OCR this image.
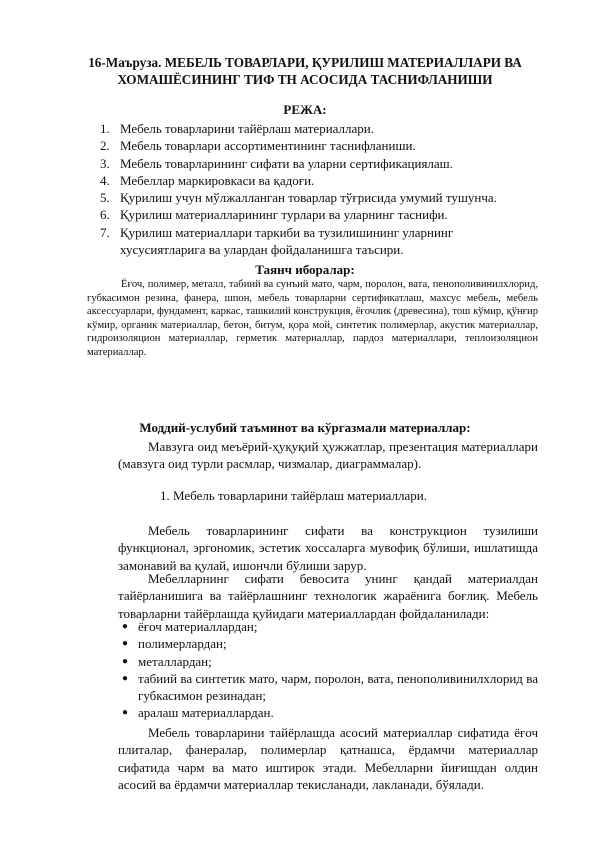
16-Маъруза. МЕБЕЛЬ ТОВАРЛАРИ, ҚУРИЛИШ МАТЕРИАЛЛАРИ ВА
ХОМАШЁСИНИНГ ТИФ ТН АСОСИДА ТАСНИФЛАНИШИ
РЕЖА:
1. Мебель товарларини тайёрлаш материаллари.
2. Мебель товарлари ассортиментининг таснифланиши.
3. Мебель товарларининг сифати ва уларни сертификациялаш.
4. Мебеллар маркировкаси ва қадоғи.
5. Қурилиш учун мўлжалланган товарлар тўғрисида умумий тушунча.
6. Қурилиш материалларининг турлари ва уларнинг таснифи.
7. Қурилиш материаллари таркиби ва тузилишининг уларнинг хусусиятларига ва улардан фойдаланишга таъсири.
Таянч иборалар:

Ёғоч, полимер, металл, табиий ва сунъий мато, чарм, поролон, вата, пенополивинилхлорид, губкасимон резина, фанера, шпон, мебель товарларни сертификатлаш, махсус мебель, мебель аксессуарлари, фундамент, каркас, ташкилий конструкция, ёғочлик (древесина), тош кўмир, қўнғир кўмир, органик материаллар, бетон, битум, қора мой, синтетик полимерлар, акустик материаллар, гидроизоляцион материаллар, герметик материаллар, пардоз материаллари, теплоизоляцион материаллар.

Моддий-услубий таъминот ва кўргазмали материаллар:

Мавзуга оид меъёрий-ҳуқуқий ҳужжатлар, презентация материаллари (мавзуга оид турли расмлар, чизмалар, диаграммалар).

1. Мебель товарларини тайёрлаш материаллари.

Мебель товарларининг сифати ва конструкцион тузилиши функционал, эргономик, эстетик хоссаларга мувофиқ бўлиши, ишлатишда замонавий ва қулай, ишончли бўлиши зарур.

Мебелларнинг сифати бевосита унинг қандай материалдан тайёрланишига ва тайёрлашнинг технологик жараёнига боғлиқ. Мебель товарларни тайёрлашда қуйидаги материаллардан фойдаланилади:

● ёғоч материаллардан;
● полимерлардан;
● металлардан;
● табиий ва синтетик мато, чарм, поролон, вата, пенополивинилхлорид ва губкасимон резинадан;
● аралаш материаллардан.

Мебель товарларини тайёрлашда асосий материаллар сифатида ёғоч плиталар, фанералар, полимерлар қатнашса, ёрдамчи материаллар сифатида чарм ва мато иштирок этади. Мебелларни йиғишдан олдин асосий ва ёрдамчи материаллар текисланади, лакланади, бўялади.
